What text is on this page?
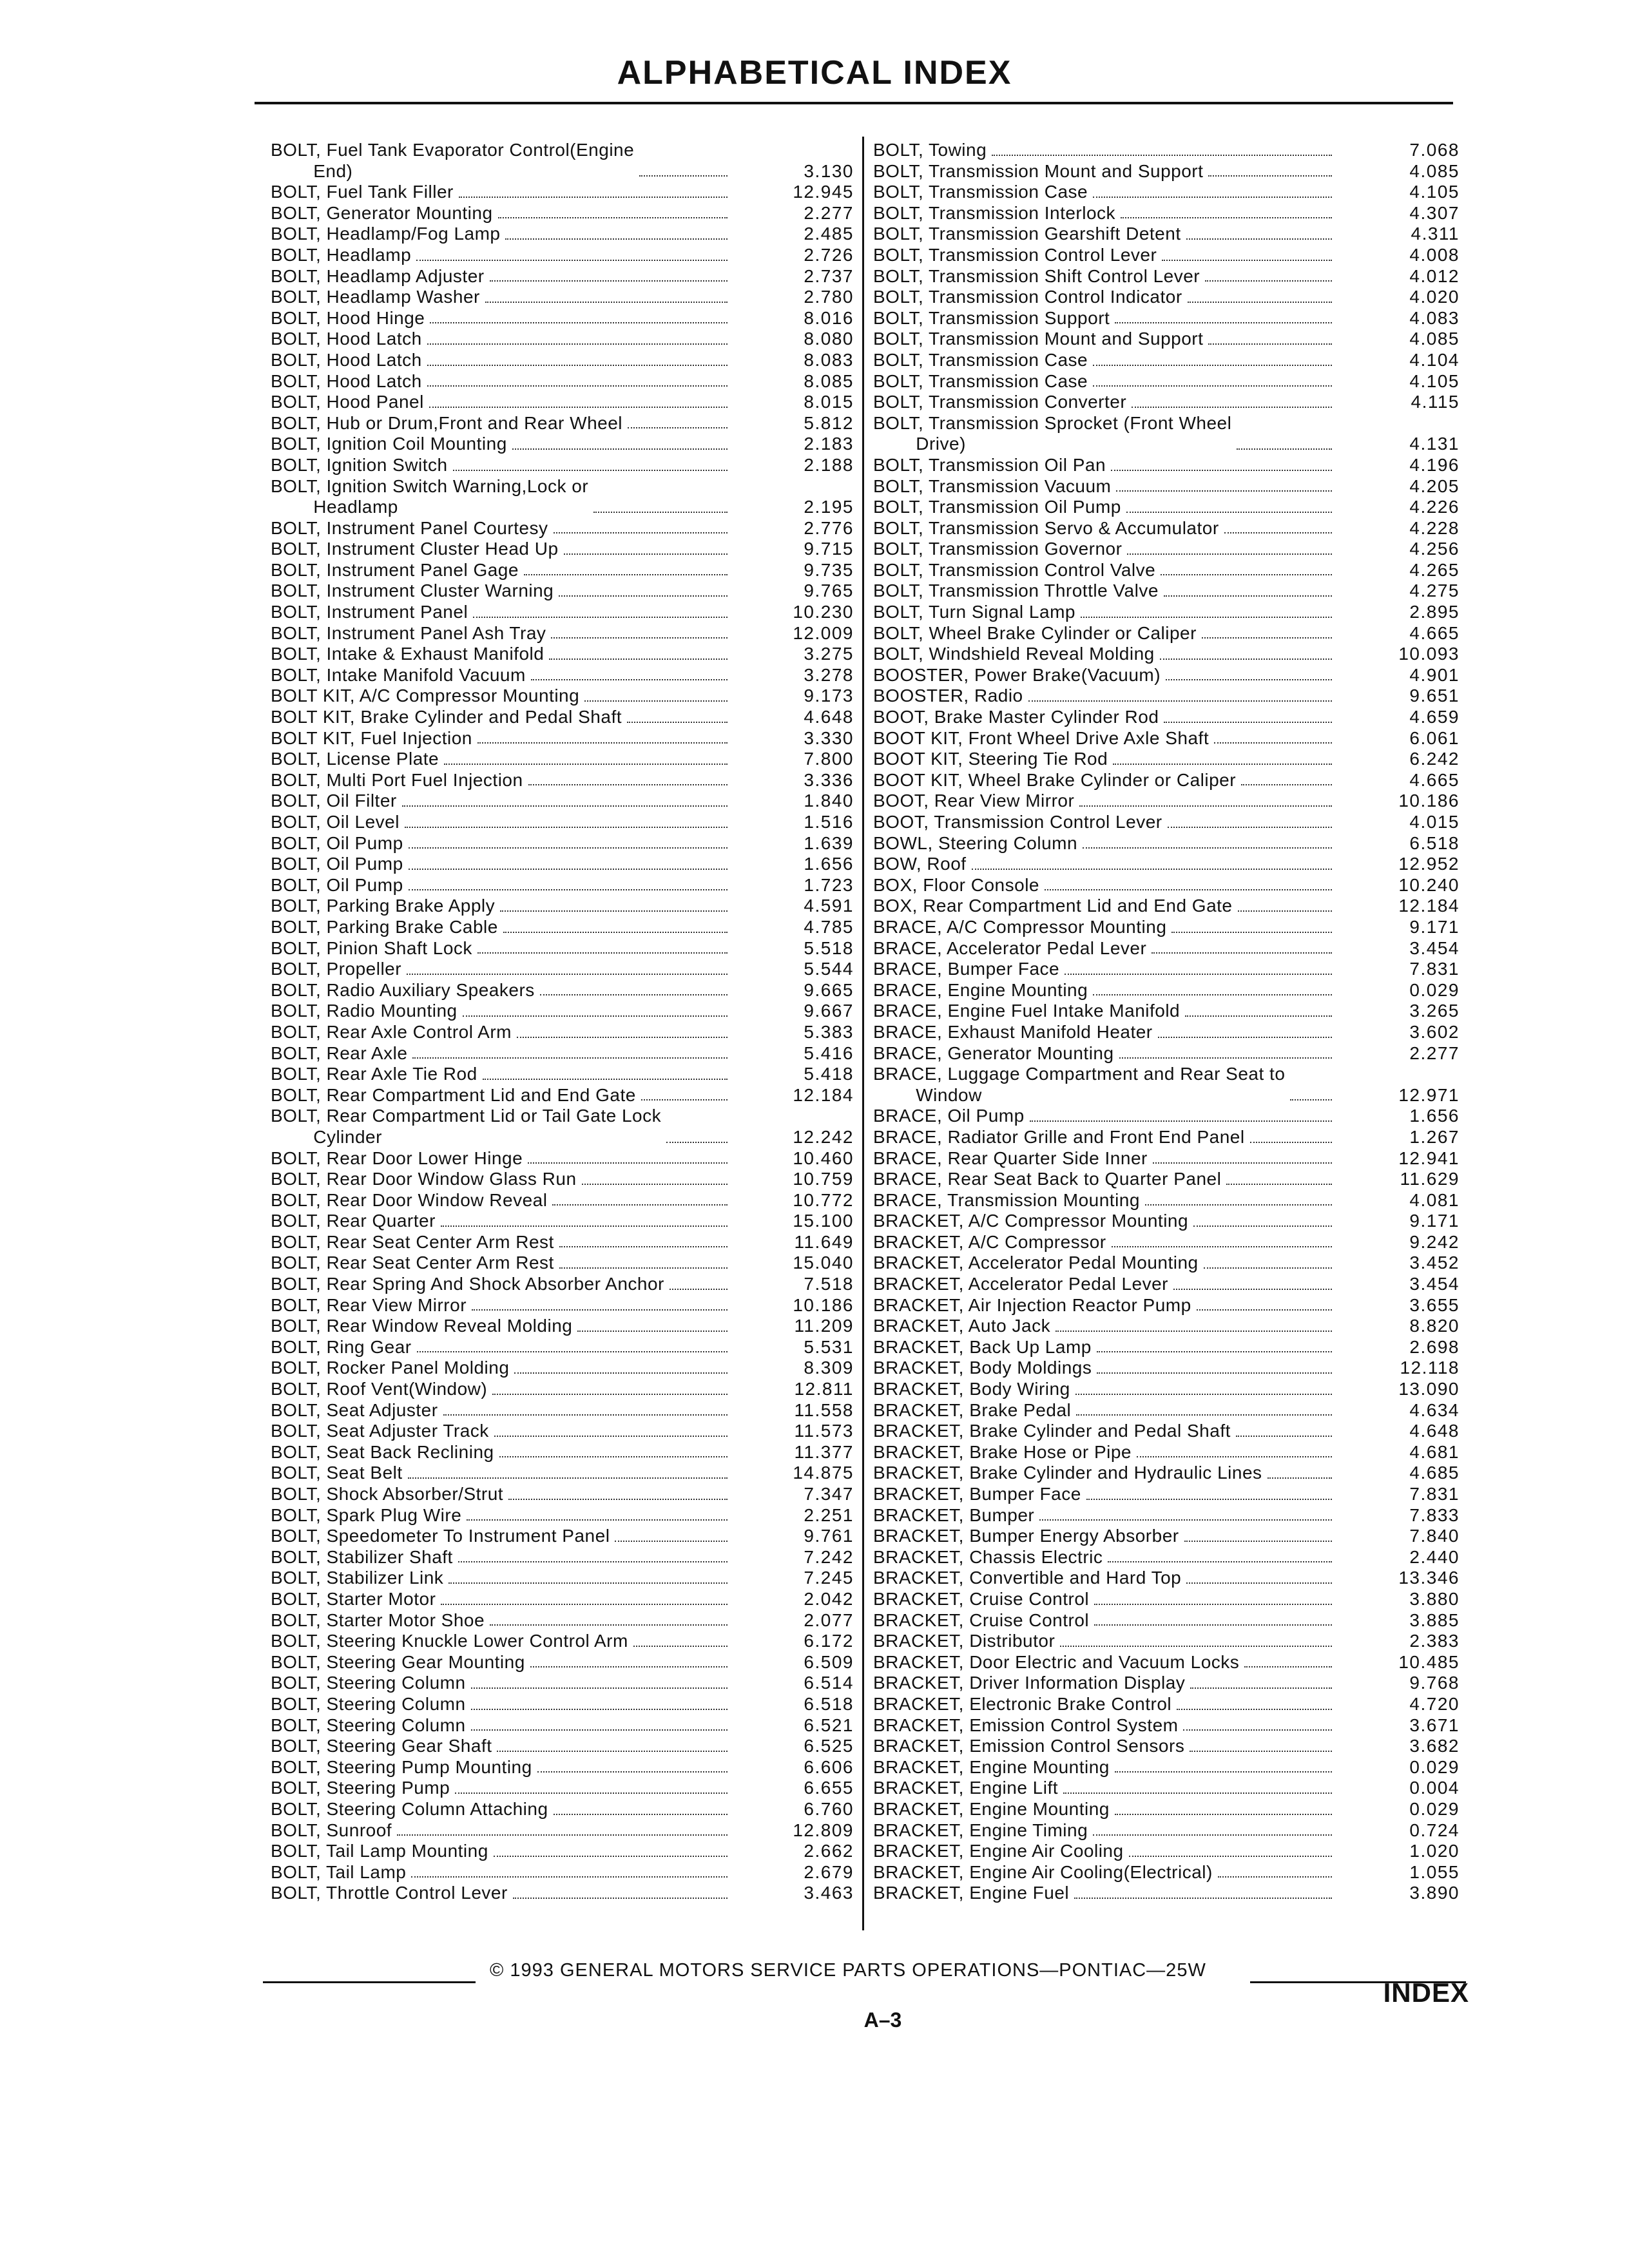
ALPHABETICAL INDEX
BOLT, Fuel Tank Evaporator Control(Engine
End)	3.130
BOLT, Fuel Tank Filler	12.945
BOLT, Generator Mounting	2.277
BOLT, Headlamp/Fog Lamp	2.485
BOLT, Headlamp	2.726
BOLT, Headlamp Adjuster	2.737
BOLT, Headlamp Washer	2.780
BOLT, Hood Hinge	8.016
BOLT, Hood Latch	8.080
BOLT, Hood Latch	8.083
BOLT, Hood Latch	8.085
BOLT, Hood Panel	8.015
BOLT, Hub or Drum,Front and Rear Wheel	5.812
BOLT, Ignition Coil Mounting	2.183
BOLT, Ignition Switch	2.188
BOLT, Ignition Switch Warning,Lock or
Headlamp	2.195
BOLT, Instrument Panel Courtesy	2.776
BOLT, Instrument Cluster Head Up	9.715
BOLT, Instrument Panel Gage	9.735
BOLT, Instrument Cluster Warning	9.765
BOLT, Instrument Panel	10.230
BOLT, Instrument Panel Ash Tray	12.009
BOLT, Intake & Exhaust Manifold	3.275
BOLT, Intake Manifold Vacuum	3.278
BOLT KIT, A/C Compressor Mounting	9.173
BOLT KIT, Brake Cylinder and Pedal Shaft	4.648
BOLT KIT, Fuel Injection	3.330
BOLT, License Plate	7.800
BOLT, Multi Port Fuel Injection	3.336
BOLT, Oil Filter	1.840
BOLT, Oil Level	1.516
BOLT, Oil Pump	1.639
BOLT, Oil Pump	1.656
BOLT, Oil Pump	1.723
BOLT, Parking Brake Apply	4.591
BOLT, Parking Brake Cable	4.785
BOLT, Pinion Shaft Lock	5.518
BOLT, Propeller	5.544
BOLT, Radio Auxiliary Speakers	9.665
BOLT, Radio Mounting	9.667
BOLT, Rear Axle Control Arm	5.383
BOLT, Rear Axle	5.416
BOLT, Rear Axle Tie Rod	5.418
BOLT, Rear Compartment Lid and End Gate	12.184
BOLT, Rear Compartment Lid or Tail Gate Lock
Cylinder	12.242
BOLT, Rear Door Lower Hinge	10.460
BOLT, Rear Door Window Glass Run	10.759
BOLT, Rear Door Window Reveal	10.772
BOLT, Rear Quarter	15.100
BOLT, Rear Seat Center Arm Rest	11.649
BOLT, Rear Seat Center Arm Rest	15.040
BOLT, Rear Spring And Shock Absorber Anchor	7.518
BOLT, Rear View Mirror	10.186
BOLT, Rear Window Reveal Molding	11.209
BOLT, Ring Gear	5.531
BOLT, Rocker Panel Molding	8.309
BOLT, Roof Vent(Window)	12.811
BOLT, Seat Adjuster	11.558
BOLT, Seat Adjuster Track	11.573
BOLT, Seat Back Reclining	11.377
BOLT, Seat Belt	14.875
BOLT, Shock Absorber/Strut	7.347
BOLT, Spark Plug Wire	2.251
BOLT, Speedometer To Instrument Panel	9.761
BOLT, Stabilizer Shaft	7.242
BOLT, Stabilizer Link	7.245
BOLT, Starter Motor	2.042
BOLT, Starter Motor Shoe	2.077
BOLT, Steering Knuckle Lower Control Arm	6.172
BOLT, Steering Gear Mounting	6.509
BOLT, Steering Column	6.514
BOLT, Steering Column	6.518
BOLT, Steering Column	6.521
BOLT, Steering Gear Shaft	6.525
BOLT, Steering Pump Mounting	6.606
BOLT, Steering Pump	6.655
BOLT, Steering Column Attaching	6.760
BOLT, Sunroof	12.809
BOLT, Tail Lamp Mounting	2.662
BOLT, Tail Lamp	2.679
BOLT, Throttle Control Lever	3.463
BOLT, Towing	7.068
BOLT, Transmission Mount and Support	4.085
BOLT, Transmission Case	4.105
BOLT, Transmission Interlock	4.307
BOLT, Transmission Gearshift Detent	4.311
BOLT, Transmission Control Lever	4.008
BOLT, Transmission Shift Control Lever	4.012
BOLT, Transmission Control Indicator	4.020
BOLT, Transmission Support	4.083
BOLT, Transmission Mount and Support	4.085
BOLT, Transmission Case	4.104
BOLT, Transmission Case	4.105
BOLT, Transmission Converter	4.115
BOLT, Transmission Sprocket (Front Wheel
Drive)	4.131
BOLT, Transmission Oil Pan	4.196
BOLT, Transmission Vacuum	4.205
BOLT, Transmission Oil Pump	4.226
BOLT, Transmission Servo & Accumulator	4.228
BOLT, Transmission Governor	4.256
BOLT, Transmission Control Valve	4.265
BOLT, Transmission Throttle Valve	4.275
BOLT, Turn Signal Lamp	2.895
BOLT, Wheel Brake Cylinder or Caliper	4.665
BOLT, Windshield Reveal Molding	10.093
BOOSTER, Power Brake(Vacuum)	4.901
BOOSTER, Radio	9.651
BOOT, Brake Master Cylinder Rod	4.659
BOOT KIT, Front Wheel Drive Axle Shaft	6.061
BOOT KIT, Steering Tie Rod	6.242
BOOT KIT, Wheel Brake Cylinder or Caliper	4.665
BOOT, Rear View Mirror	10.186
BOOT, Transmission Control Lever	4.015
BOWL, Steering Column	6.518
BOW, Roof	12.952
BOX, Floor Console	10.240
BOX, Rear Compartment Lid and End Gate	12.184
BRACE, A/C Compressor Mounting	9.171
BRACE, Accelerator Pedal Lever	3.454
BRACE, Bumper Face	7.831
BRACE, Engine Mounting	0.029
BRACE, Engine Fuel Intake Manifold	3.265
BRACE, Exhaust Manifold Heater	3.602
BRACE, Generator Mounting	2.277
BRACE, Luggage Compartment and Rear Seat to
Window	12.971
BRACE, Oil Pump	1.656
BRACE, Radiator Grille and Front End Panel	1.267
BRACE, Rear Quarter Side Inner	12.941
BRACE, Rear Seat Back to Quarter Panel	11.629
BRACE, Transmission Mounting	4.081
BRACKET, A/C Compressor Mounting	9.171
BRACKET, A/C Compressor	9.242
BRACKET, Accelerator Pedal Mounting	3.452
BRACKET, Accelerator Pedal Lever	3.454
BRACKET, Air Injection Reactor Pump	3.655
BRACKET, Auto Jack	8.820
BRACKET, Back Up Lamp	2.698
BRACKET, Body Moldings	12.118
BRACKET, Body Wiring	13.090
BRACKET, Brake Pedal	4.634
BRACKET, Brake Cylinder and Pedal Shaft	4.648
BRACKET, Brake Hose or Pipe	4.681
BRACKET, Brake Cylinder and Hydraulic Lines	4.685
BRACKET, Bumper Face	7.831
BRACKET, Bumper	7.833
BRACKET, Bumper Energy Absorber	7.840
BRACKET, Chassis Electric	2.440
BRACKET, Convertible and Hard Top	13.346
BRACKET, Cruise Control	3.880
BRACKET, Cruise Control	3.885
BRACKET, Distributor	2.383
BRACKET, Door Electric and Vacuum Locks	10.485
BRACKET, Driver Information Display	9.768
BRACKET, Electronic Brake Control	4.720
BRACKET, Emission Control System	3.671
BRACKET, Emission Control Sensors	3.682
BRACKET, Engine Mounting	0.029
BRACKET, Engine Lift	0.004
BRACKET, Engine Mounting	0.029
BRACKET, Engine Timing	0.724
BRACKET, Engine Air Cooling	1.020
BRACKET, Engine Air Cooling(Electrical)	1.055
BRACKET, Engine Fuel	3.890
© 1993 GENERAL MOTORS SERVICE PARTS OPERATIONS—PONTIAC—25W
A–3
INDEX
